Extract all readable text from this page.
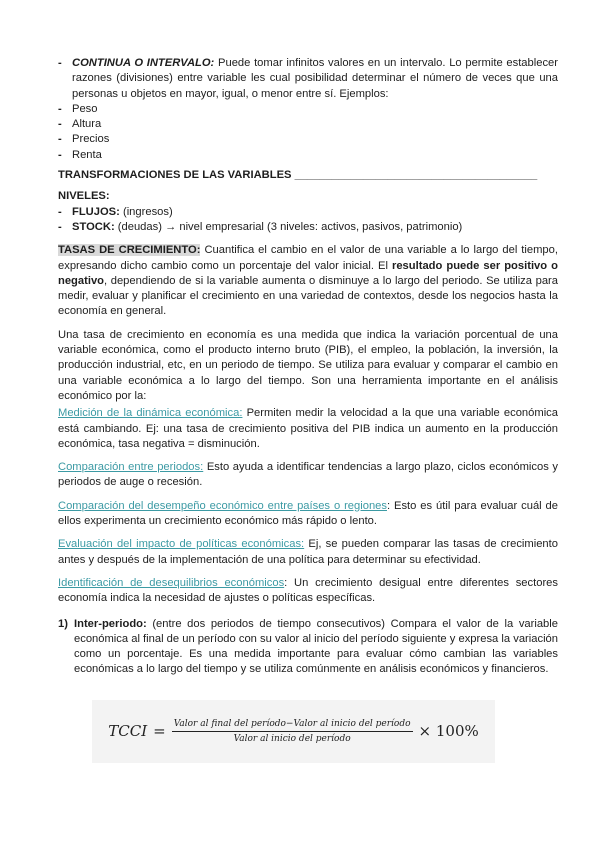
- CONTINUA O INTERVALO: Puede tomar infinitos valores en un intervalo. Lo permite establecer razones (divisiones) entre variable les cual posibilidad determinar el número de veces que una personas u objetos en mayor, igual, o menor entre sí. Ejemplos:

- Peso
- Altura
- Precios
- Renta

TRANSFORMACIONES DE LAS VARIABLES _______________________________________

NIVELES:

- FLUJOS: (ingresos)

- STOCK: (deudas) → nivel empresarial (3 niveles: activos, pasivos, patrimonio)

TASAS DE CRECIMIENTO: Cuantifica el cambio en el valor de una variable a lo largo del tiempo, expresando dicho cambio como un porcentaje del valor inicial. El resultado puede ser positivo o negativo, dependiendo de si la variable aumenta o disminuye a lo largo del periodo. Se utiliza para medir, evaluar y planificar el crecimiento en una variedad de contextos, desde los negocios hasta la economía en general.

Una tasa de crecimiento en economía es una medida que indica la variación porcentual de una variable económica, como el producto interno bruto (PIB), el empleo, la población, la inversión, la producción industrial, etc, en un periodo de tiempo. Se utiliza para evaluar y comparar el cambio en una variable económica a lo largo del tiempo. Son una herramienta importante en el análisis económico por la:

Medición de la dinámica económica: Permiten medir la velocidad a la que una variable económica está cambiando. Ej: una tasa de crecimiento positiva del PIB indica un aumento en la producción económica, tasa negativa = disminución.

Comparación entre periodos: Esto ayuda a identificar tendencias a largo plazo, ciclos económicos y periodos de auge o recesión.

Comparación del desempeño económico entre países o regiones: Esto es útil para evaluar cuál de ellos experimenta un crecimiento económico más rápido o lento.

Evaluación del impacto de políticas económicas: Ej, se pueden comparar las tasas de crecimiento antes y después de la implementación de una política para determinar su efectividad.

Identificación de desequilibrios económicos: Un crecimiento desigual entre diferentes sectores economía indica la necesidad de ajustes o políticas específicas.

1) Inter-periodo: (entre dos periodos de tiempo consecutivos) Compara el valor de la variable económica al final de un período con su valor al inicio del período siguiente y expresa la variación como un porcentaje. Es una medida importante para evaluar cómo cambian las variables económicas a lo largo del tiempo y se utiliza comúnmente en análisis económicos y financieros.

TCCI = $\frac{\text{Valor al final del período−Valor al inicio del período}}{\text{Valor al inicio del período}} \times 100\%$
